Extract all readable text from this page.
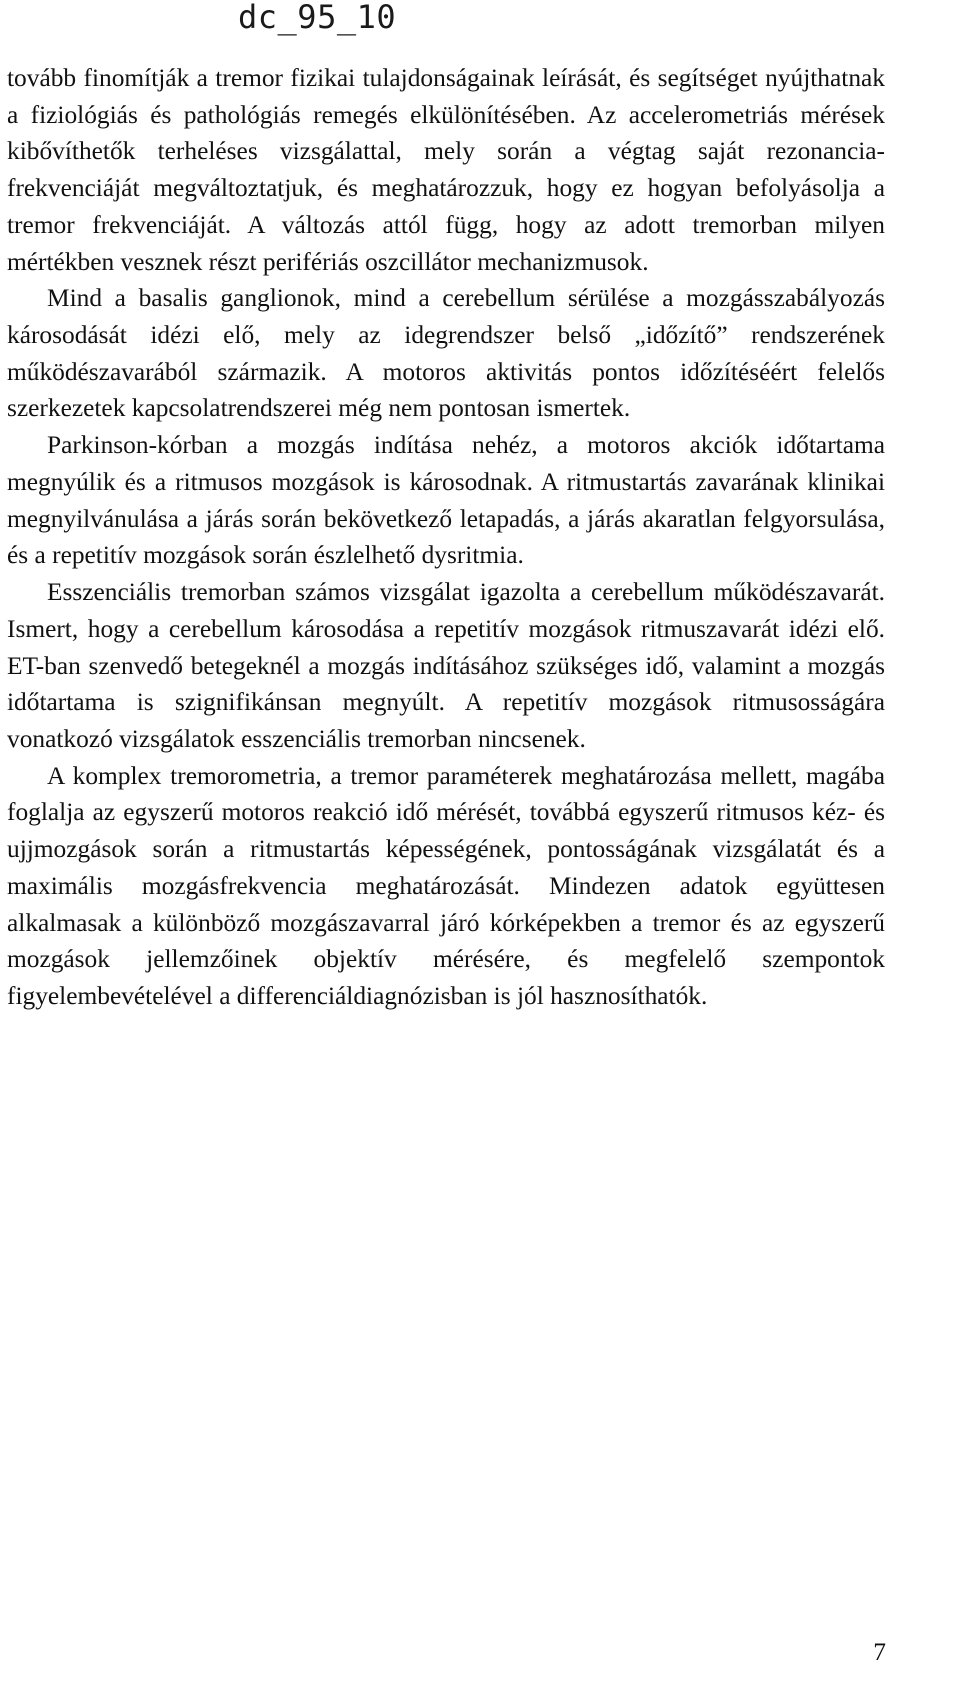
dc_95_10

tovább finomítják a tremor fizikai tulajdonságainak leírását, és segítséget nyújthatnak a fiziológiás és pathológiás remegés elkülönítésében. Az accelerometriás mérések kibővíthetők terheléses vizsgálattal, mely során a végtag saját rezonancia-frekvenciáját megváltoztatjuk, és meghatározzuk, hogy ez hogyan befolyásolja a tremor frekvenciáját. A változás attól függ, hogy az adott tremorban milyen mértékben vesznek részt perifériás oszcillátor mechanizmusok.

Mind a basalis ganglionok, mind a cerebellum sérülése a mozgásszabályozás károsodását idézi elő, mely az idegrendszer belső „időzítő” rendszerének működészavarából származik. A motoros aktivitás pontos időzítéséért felelős szerkezetek kapcsolatrendszerei még nem pontosan ismertek.

Parkinson-kórban a mozgás indítása nehéz, a motoros akciók időtartama megnyúlik és a ritmusos mozgások is károsodnak. A ritmustartás zavarának klinikai megnyilvánulása a járás során bekövetkező letapadás, a járás akaratlan felgyorsulása, és a repetitív mozgások során észlelhető dysritmia.

Esszenciális tremorban számos vizsgálat igazolta a cerebellum működészavarát. Ismert, hogy a cerebellum károsodása a repetitív mozgások ritmuszavarát idézi elő. ET-ban szenvedő betegeknél a mozgás indításához szükséges idő, valamint a mozgás időtartama is szignifikánsan megnyúlt. A repetitív mozgások ritmusosságára vonatkozó vizsgálatok esszenciális tremorban nincsenek.

A komplex tremorometria, a tremor paraméterek meghatározása mellett, magába foglalja az egyszerű motoros reakció idő mérését, továbbá egyszerű ritmusos kéz- és ujjmozgások során a ritmustartás képességének, pontosságának vizsgálatát és a maximális mozgásfrekvencia meghatározását. Mindezen adatok együttesen alkalmasak a különböző mozgászavarral járó kórképekben a tremor és az egyszerű mozgások jellemzőinek objektív mérésére, és megfelelő szempontok figyelembevételével a differenciáldiagnózisban is jól hasznosíthatók.

7
